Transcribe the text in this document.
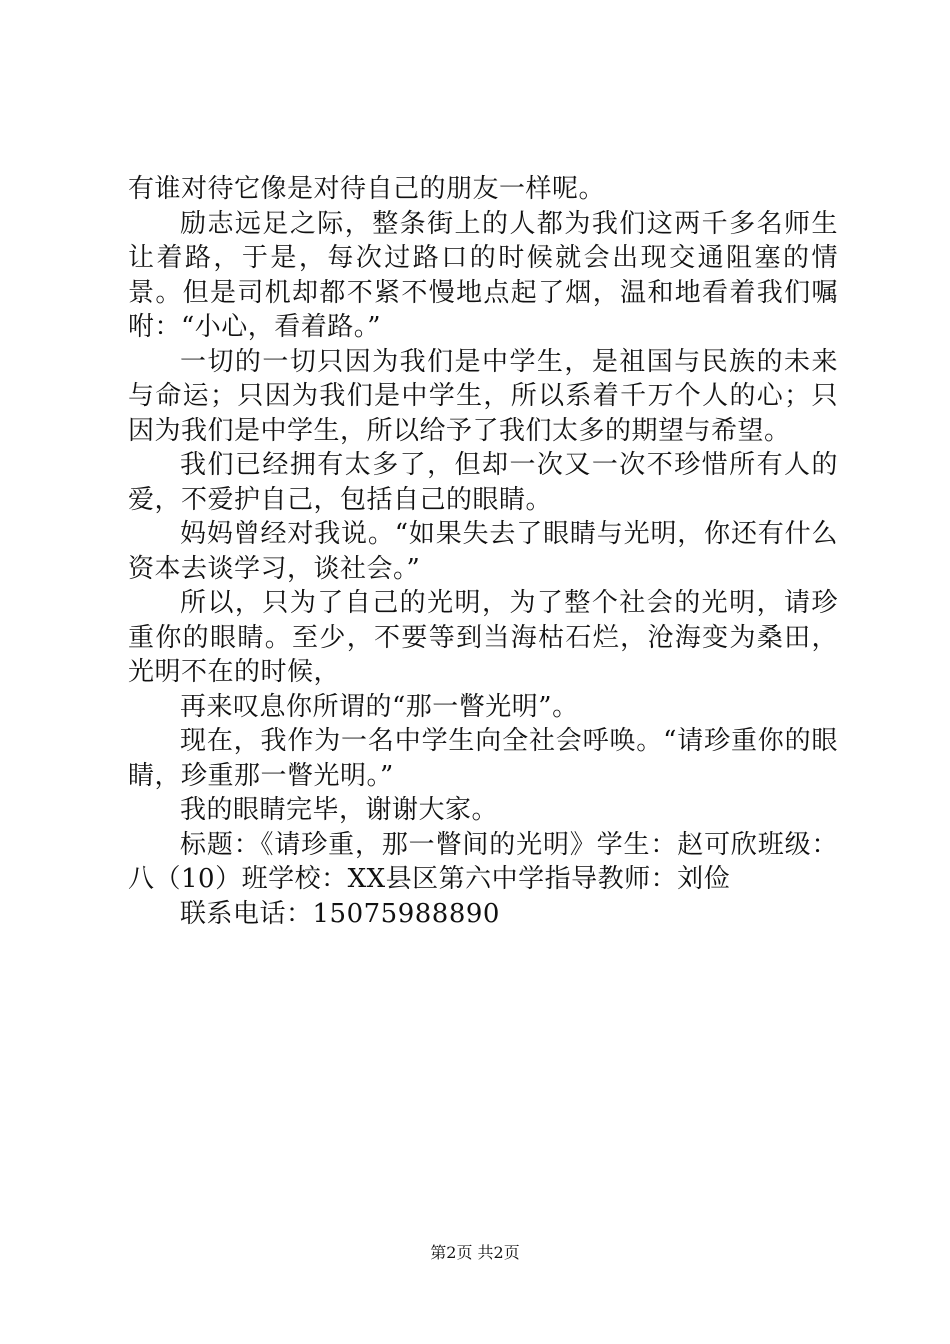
有谁对待它像是对待自己的朋友一样呢。

励志远足之际，整条街上的人都为我们这两千多名师生让着路，于是，每次过路口的时候就会出现交通阻塞的情景。但是司机却都不紧不慢地点起了烟，温和地看着我们嘱咐：“小心，看着路。”

一切的一切只因为我们是中学生，是祖国与民族的未来与命运；只因为我们是中学生，所以系着千万个人的心；只因为我们是中学生，所以给予了我们太多的期望与希望。

我们已经拥有太多了，但却一次又一次不珍惜所有人的爱，不爱护自己，包括自己的眼睛。

妈妈曾经对我说。“如果失去了眼睛与光明，你还有什么资本去谈学习，谈社会。”

所以，只为了自己的光明，为了整个社会的光明，请珍重你的眼睛。至少，不要等到当海枯石烂，沧海变为桑田，光明不在的时候，

再来叹息你所谓的“那一瞥光明”。

现在，我作为一名中学生向全社会呼唤。“请珍重你的眼睛，珍重那一瞥光明。”

我的眼睛完毕，谢谢大家。

标题：《请珍重，那一瞥间的光明》学生：赵可欣班级：八（10）班学校：XX县区第六中学指导教师：刘俭

联系电话：15075988890

第2页 共2页
